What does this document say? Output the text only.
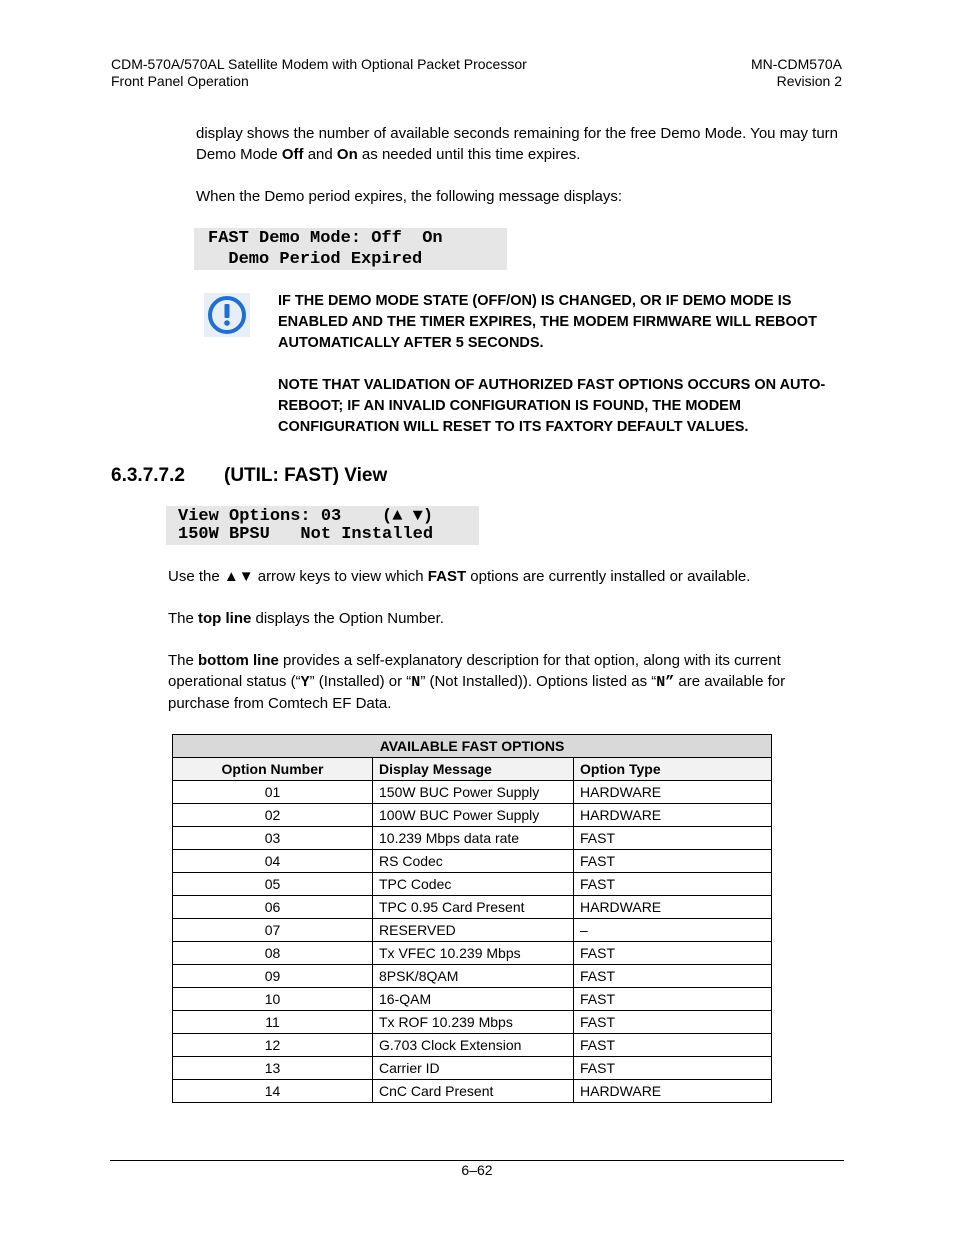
CDM-570A/570AL Satellite Modem with Optional Packet Processor
Front Panel Operation
MN-CDM570A
Revision 2
display shows the number of available seconds remaining for the free Demo Mode. You may turn Demo Mode Off and On as needed until this time expires.
When the Demo period expires, the following message displays:

FAST Demo Mode: Off  On

Demo Period Expired

IF THE DEMO MODE STATE (OFF/ON) IS CHANGED, OR IF DEMO MODE IS ENABLED AND THE TIMER EXPIRES, THE MODEM FIRMWARE WILL REBOOT AUTOMATICALLY AFTER 5 SECONDS.
NOTE THAT VALIDATION OF AUTHORIZED FAST OPTIONS OCCURS ON AUTO-REBOOT; IF AN INVALID CONFIGURATION IS FOUND, THE MODEM CONFIGURATION WILL RESET TO ITS FAXTORY DEFAULT VALUES.
6.3.7.7.2 (UTIL: FAST) View

View Options: 03    (▲ ▼)

150W BPSU   Not Installed

Use the ▲▼ arrow keys to view which FAST options are currently installed or available.
The top line displays the Option Number.
The bottom line provides a self-explanatory description for that option, along with its current operational status (“Y” (Installed) or “N” (Not Installed)). Options listed as “N” are available for purchase from Comtech EF Data.
AVAILABLE FAST OPTIONS		
Option Number	Display Message	Option Type
01	150W BUC Power Supply	HARDWARE
02	100W BUC Power Supply	HARDWARE
03	10.239 Mbps data rate	FAST
04	RS Codec	FAST
05	TPC Codec	FAST
06	TPC 0.95 Card Present	HARDWARE
07	RESERVED	–
08	Tx VFEC 10.239 Mbps	FAST
09	8PSK/8QAM	FAST
10	16-QAM	FAST
11	Tx ROF 10.239 Mbps	FAST
12	G.703 Clock Extension	FAST
13	Carrier ID	FAST
14	CnC Card Present	HARDWARE
6–62
